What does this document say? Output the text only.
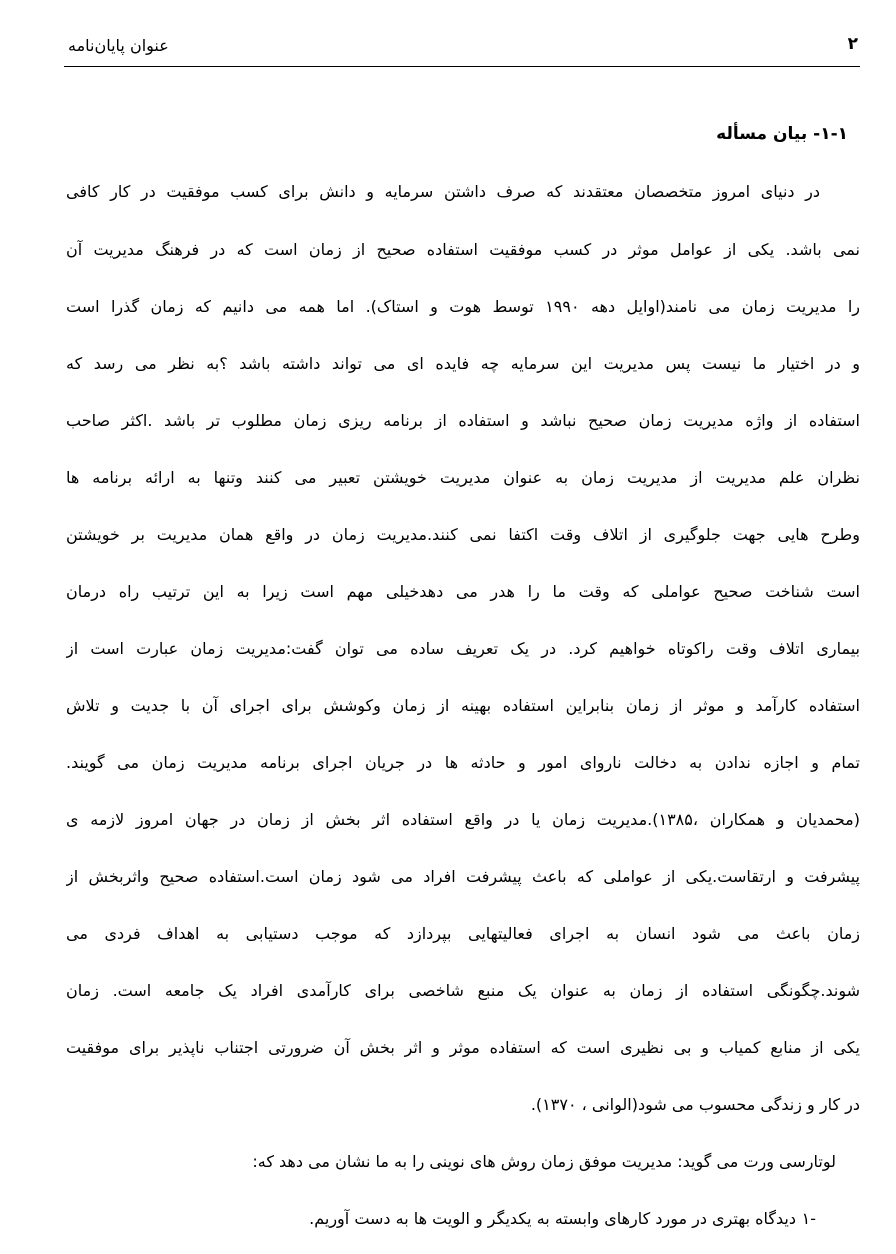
۲
عنوان پایان‌نامه
۱-۱- بیان مسأله
در دنیای امروز متخصصان معتقدند که صرف داشتن سرمایه و دانش برای کسب موفقیت در کار کافی
نمی باشد. یکی از عوامل موثر در کسب موفقیت استفاده صحیح از زمان است که در فرهنگ مدیریت آن
را مدیریت زمان می نامند(اوایل دهه ۱۹۹۰ توسط هوت و استاک). اما همه می دانیم که زمان گذرا است
و در اختیار ما نیست پس مدیریت این سرمایه چه فایده ای می تواند داشته باشد ؟به نظر می رسد که
استفاده از واژه مدیریت زمان صحیح نباشد و استفاده از برنامه ریزی زمان مطلوب تر باشد .اکثر صاحب
نظران علم مدیریت از مدیریت زمان به عنوان مدیریت خویشتن تعبیر می کنند وتنها به ارائه برنامه ها
وطرح هایی جهت جلوگیری از اتلاف وقت اکتفا نمی کنند.مدیریت زمان در واقع همان مدیریت بر خویشتن
است شناخت صحیح عواملی که وقت ما را هدر می دهدخیلی مهم است زیرا به این ترتیب راه درمان
بیماری اتلاف وقت راکوتاه خواهیم کرد. در یک تعریف ساده می توان گفت:مدیریت زمان عبارت است از
استفاده کارآمد و موثر از زمان بنابراین استفاده بهینه از زمان وکوشش برای اجرای آن با جدیت و تلاش
تمام و اجازه ندادن به دخالت ناروای امور و حادثه ها در جریان اجرای برنامه مدیریت زمان می گویند.
(محمدیان و همکاران ،۱۳۸۵).مدیریت زمان یا در واقع استفاده اثر بخش از زمان در جهان امروز لازمه ی
پیشرفت و ارتقاست.یکی از عواملی که باعث پیشرفت افراد می شود زمان است.استفاده صحیح واثربخش از
زمان باعث می شود انسان به اجرای فعالیتهایی بپردازد که موجب دستیابی به اهداف فردی می
شوند.چگونگی استفاده از زمان به عنوان یک منبع شاخصی برای کارآمدی افراد یک جامعه است. زمان
یکی از منابع کمیاب و بی نظیری است که استفاده موثر و اثر بخش آن ضرورتی اجتناب ناپذیر برای موفقیت
در کار و زندگی محسوب می شود(الوانی ، ۱۳۷۰).
لوتارسی ورت می گوید: مدیریت موفق زمان روش های نوینی را به ما نشان می دهد که:
۱-
دیدگاه بهتری در مورد کارهای وابسته به یکدیگر و الویت ها به دست آوریم.
